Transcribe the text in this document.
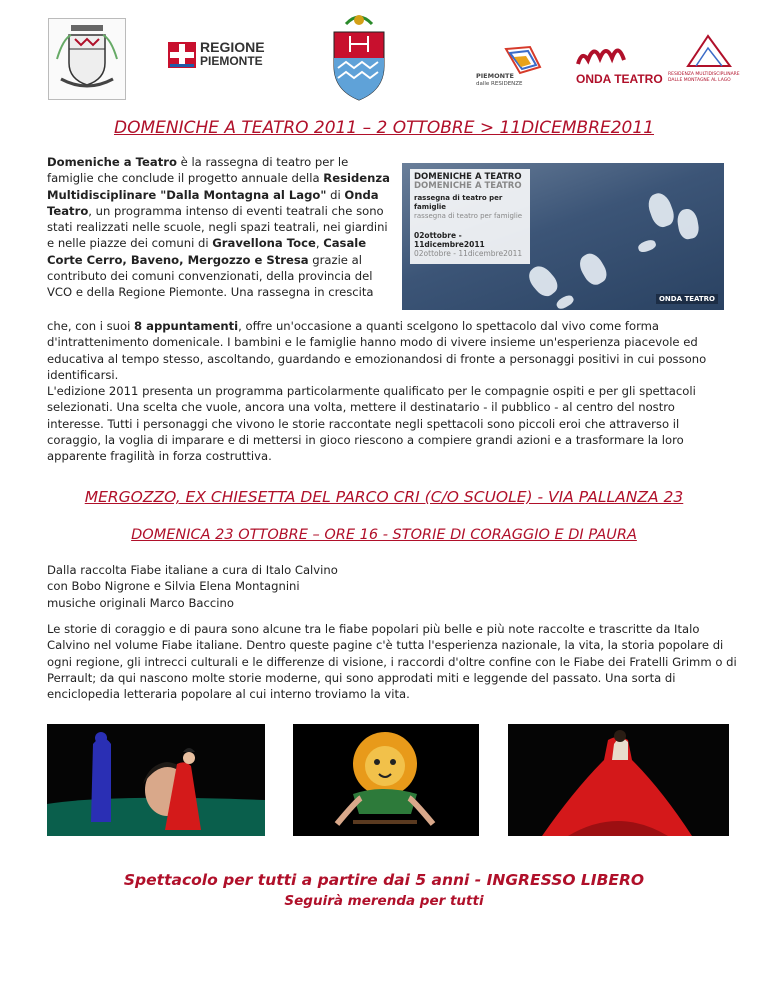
REGIONE
PIEMONTE
PIEMONTE
dalle RESIDENZE	ONDA TEATRO RESIDENZA MULTIDISCIPLINARE DALLE MONTAGNE AL LAGO
DOMENICHE A TEATRO 2011 – 2 OTTOBRE > 11DICEMBRE2011
Domeniche a Teatro è la rassegna di teatro per le famiglie che conclude il progetto annuale della Residenza Multidisciplinare "Dalla Montagna al Lago" di Onda Teatro, un programma intenso di eventi teatrali che sono stati realizzati nelle scuole, negli spazi teatrali, nei giardini e nelle piazze dei comuni di Gravellona Toce, Casale Corte Cerro, Baveno, Mergozzo e Stresa grazie al contributo dei comuni convenzionati, della provincia del VCO e della Regione Piemonte. Una rassegna in crescita
DOMENICHE A TEATRO
DOMENICHE A TEATRO
rassegna di teatro per famiglie
rassegna di teatro per famiglie
02ottobre - 11dicembre2011
02ottobre - 11dicembre2011
ONDA TEATRO
che, con i suoi 8 appuntamenti, offre un'occasione a quanti scelgono lo spettacolo dal vivo come forma d'intrattenimento domenicale. I bambini e le famiglie hanno modo di vivere insieme un'esperienza piacevole ed educativa al tempo stesso, ascoltando, guardando e emozionandosi di fronte a personaggi positivi in cui possono identificarsi.
L'edizione 2011 presenta un programma particolarmente qualificato per le compagnie ospiti e per gli spettacoli selezionati. Una scelta che vuole, ancora una volta, mettere il destinatario - il pubblico - al centro del nostro interesse. Tutti i personaggi che vivono le storie raccontate negli spettacoli sono piccoli eroi che attraverso il coraggio, la voglia di imparare e di mettersi in gioco riescono a compiere grandi azioni e a trasformare la loro apparente fragilità in forza costruttiva.
MERGOZZO, EX CHIESETTA DEL PARCO CRI (C/O SCUOLE) - VIA PALLANZA 23
DOMENICA 23 OTTOBRE – ORE 16 - STORIE DI CORAGGIO E DI PAURA
Dalla raccolta Fiabe italiane a cura di Italo Calvino
con Bobo Nigrone e Silvia Elena Montagnini
musiche originali Marco Baccino
Le storie di coraggio e di paura sono alcune tra le fiabe popolari più belle e più note raccolte e trascritte da Italo Calvino nel volume Fiabe italiane. Dentro queste pagine c'è tutta l'esperienza nazionale, la vita, la storia popolare di ogni regione, gli intrecci culturali e le differenze di visione, i raccordi d'oltre confine con le Fiabe dei Fratelli Grimm o di Perrault; da qui nascono molte storie moderne, qui sono approdati miti e leggende del passato. Una sorta di enciclopedia letteraria popolare al cui interno troviamo la vita.
Spettacolo per tutti a partire dai 5 anni - INGRESSO LIBERO
Seguirà merenda per tutti
